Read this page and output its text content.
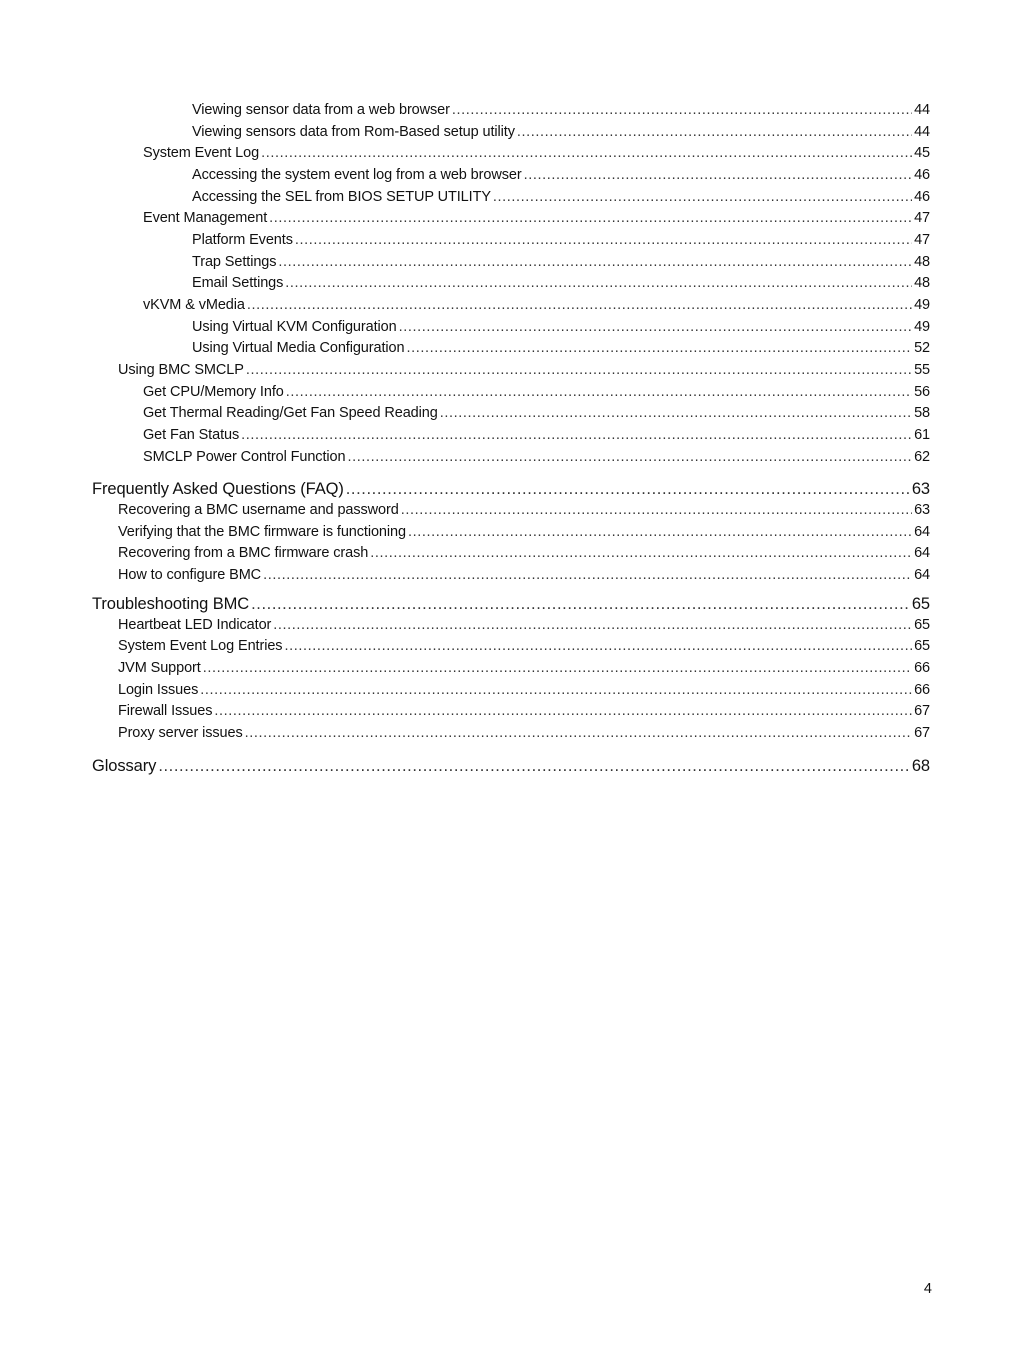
Viewing sensor data from a web browser .....	44
Viewing sensors data from Rom-Based setup utility .....	44
System Event Log .....	45
Accessing the system event log from a web browser .....	46
Accessing the SEL from BIOS SETUP UTILITY .....	46
Event Management .....	47
Platform Events .....	47
Trap Settings .....	48
Email Settings .....	48
vKVM & vMedia .....	49
Using Virtual KVM Configuration .....	49
Using Virtual Media Configuration .....	52
Using BMC SMCLP .....	55
Get CPU/Memory Info .....	56
Get Thermal Reading/Get Fan Speed Reading .....	58
Get Fan Status .....	61
SMCLP Power Control Function .....	62
Frequently Asked Questions (FAQ) .....	63
Recovering a BMC username and password .....	63
Verifying that the BMC firmware is functioning .....	64
Recovering from a BMC firmware crash .....	64
How to configure BMC .....	64
Troubleshooting BMC .....	65
Heartbeat LED Indicator .....	65
System Event Log Entries .....	65
JVM Support .....	66
Login Issues .....	66
Firewall Issues .....	67
Proxy server issues .....	67
Glossary .....	68
4
